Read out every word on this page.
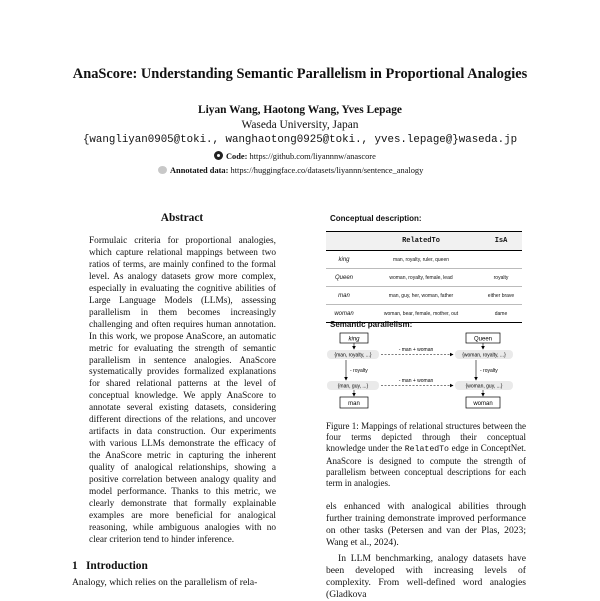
AnaScore: Understanding Semantic Parallelism in Proportional Analogies
Liyan Wang, Haotong Wang, Yves Lepage
Waseda University, Japan
{wangliyan0905@toki., wanghaotong0925@toki., yves.lepage@}waseda.jp
Code: https://github.com/liyannnw/anascore
Annotated data: https://huggingface.co/datasets/liyannn/sentence_analogy
Abstract
Formulaic criteria for proportional analogies, which capture relational mappings between two ratios of terms, are mainly confined to the formal level. As analogy datasets grow more complex, especially in evaluating the cognitive abilities of Large Language Models (LLMs), assessing parallelism in them becomes increasingly challenging and often requires human annotation. In this work, we propose AnaScore, an automatic metric for evaluating the strength of semantic parallelism in sentence analogies. AnaScore systematically provides formalized explanations for shared relational patterns at the level of conceptual knowledge. We apply AnaScore to annotate several existing datasets, considering different directions of the relations, and uncover artifacts in data construction. Our experiments with various LLMs demonstrate the efficacy of the AnaScore metric in capturing the inherent quality of analogical relationships, showing a positive correlation between analogy quality and model performance. Thanks to this metric, we clearly demonstrate that formally explainable examples are more beneficial for analogical reasoning, while ambiguous analogies with no clear criterion tend to hinder inference.
1 Introduction
Analogy, which relies on the parallelism of rela-
Conceptual description:
	RelatedTo	IsA
king	man, royalty, ruler, queen	
Queen	woman, royalty, female, lead	royalty
man	man, guy, her, woman, father	either brave
woman	woman, bear, female, mother, out	dame
Semantic parallelism:
king	Queen
man	woman
{man, royalty, ...}	{woman, royalty, ...}
{man, guy, ...}	{woman, guy, ...}
- man + woman
- man + woman
- royalty	- royalty
Figure 1: Mappings of relational structures between the four terms depicted through their conceptual knowledge under the RelatedTo edge in ConceptNet. AnaScore is designed to compute the strength of parallelism between conceptual descriptions for each term in analogies.
els enhanced with analogical abilities through further training demonstrate improved performance on other tasks (Petersen and van der Plas, 2023; Wang et al., 2024).
In LLM benchmarking, analogy datasets have been developed with increasing levels of complexity. From well-defined word analogies (Gladkova
